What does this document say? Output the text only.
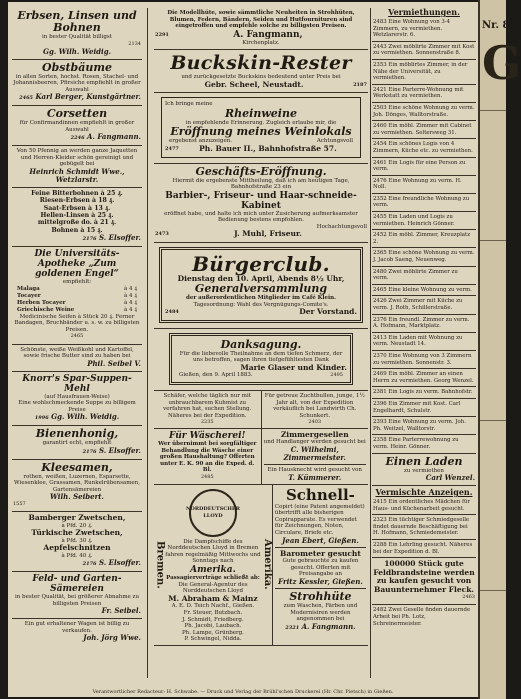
Erbsen, Linsen und Bohnen
in bester Qualität billigst
2134
Gg. Wilh. Weidig.
Obstbäume
in allen Sorten, hochst. Rosen, Stachel- und Johannisbeeren, Pfirsiche empfiehlt in großer Auswahl
2465 Karl Berger, Kunstgärtner.
Corsetten
für Confirmandinnen empfiehlt in großer Auswahl
2246 A. Fangmann.
Von 50 Pfennig an werden ganze Jaquetten und Herren-Kleider schön gereinigt und gebügelt bei
Heinrich Schmidt Wwe., Wetzlarstr.
Feine Bitterbohnen à 25 ₰.
Riesen-Erbsen à 18 ₰.
Saat-Erbsen à 13 ₰.
Hellen-Linsen à 25 ₰.
mittelgroße do. à 21 ₰.
Bohnen à 15 ₰.
2176 S. Elsoffer.
Die Universitäts-Apotheke „Zum goldenen Engel“
empfiehlt:
Malaga	à 4 ₰
Tocayer	à 4 ₰
Herben Tocayer	à 4 ₰
Griechische Weine	à 4 ₰
Medicinische Seifen à Stück 20 ₰. Ferner Bandagen, Bruchbänder u. s. w. zu billigsten Preisen.
2465
Schönste, weiße Weißkohl und Kartoffel, sowie frische Butter sind zu haben bei
Phil. Seibel V.
Knorr's Spar-Suppen-Mehl
(auf Hausfrauen-Weise)
Eine wohlschmeckende Suppe zu billigem Preise
1996 Gg. Wilh. Weidig.
Bienenhonig,
garantirt echt, empfiehlt
2176 S. Elsoffer.
Kleesamen,
rothen, weißen, Luzernen, Esparsette, Wiesenklee, Grassamen, Runkelrübensamen, Gartensämereien
Wilh. Seibert.
1557
Bamberger Zwetschen,
à Pfd. 20 ₰.
Türkische Zwetschen,
à Pfd. 30 ₰.
Aepfelschnitzen
à Pfd. 40 ₰.
2176 S. Elsoffer.
Feld- und Garten-Sämereien
in bester Qualität, bei größerer Abnahme zu billigsten Preisen
Fr. Seibel.
Ein gut erhaltener Wagen ist billig zu verkaufen.
Joh. Jörg Wwe.
Die Modellhüte, sowie sämmtliche Neuheiten in Strohhüten, Blumen, Federn, Bändern, Seiden und Hutfournituren sind eingetroffen und empfehle solche zu billigsten Preisen.
2291	A. Fangmann,
Kirchenplatz.
Buckskin-Rester
und zurückgesetzte Buckskins bedeutend unter Preis bei
Gebr. Scheel, Neustadt.	2187
Ich bringe meine
Rheinweine
in empfehlende Erinnerung. Zugleich erlaube mir, die
Eröffnung meines Weinlokals
ergebenst anzuzeigen.	Achtungsvoll
2477	Ph. Bauer II., Bahnhofstraße 57.
Geschäfts-Eröffnung.
Hiermit die ergebenste Mittheilung, daß ich am heutigen Tage, Bahnhofstraße 23 ein
Barbier-, Friseur- und Haar-schneide-Kabinet
eröffnet habe, und halte ich mich unter Zusicherung aufmerksamster Bedienung bestens empfohlen.
Hochachtungsvoll
2473	J. Muhl, Friseur.
Bürgerclub.
Dienstag den 10. April, Abends 8½ Uhr,
Generalversammlung
der außerordentlichen Mitglieder im Café Klein.
Tagesordnung: Wahl des Vergnügungs-Comite's.
2484	Der Vorstand.
Danksagung.
Für die liebevolle Theilnahme an dem tiefen Schmerz, der uns betroffen, sagen ihren tiefgefühltesten Dank
Marie Glaser und Kinder.
Gießen, den 9. April 1883.	2495
Schäfer, welche täglich nur mit unbrauchbarem Kuhmist zu verfahren hat, suchen Stellung. Näheres bei der Expedition.
2235
Für getreue Zuchtbullen, junge, 1½ Jahr alt, von der Expedition verkäuflich bei Landwirth Ch. Schunkert.
2403
Für Wäscherei!
Wer übernimmt bei sorgfältiger Behandlung die Wäsche einer großen Haushaltung? Offerten unter E. K. 90 an die Exped. d. Bl.
2485
Zimmergesellen
und Handlanger werden gesucht bei
C. Wilhelmi, Zimmermeister.
Ein Hausknecht wird gesucht von
T. Kümmerer.
Bremen.
NORDDEUTSCHER LLOYD
Die Dampfschiffe des Norddeutschen Lloyd in Bremen fahren regelmäßig Mittwochs und Sonntags nach
Amerika.
Passagierverträge schließt ab:
Die General-Agentur des Norddeutschen Lloyd
M. Abraham & Mainz
A. E. D. Teich Nachf., Gießen.
Fr. Steuer, Butzbach.
J. Schmidt, Friedberg.
Ph. Jacobi, Laubach.
Ph. Lampe, Grünberg.
P. Schwingel, Nidda.
Amerika.
Schnell-
Copirt (eine Patent angemeldet) übertrifft alle bisherigen Copirapparate. Es verwendet für Zeichnungen, Noten, Circulare, Briefe etc.
Jean Ebert, Gießen.
Barometer gesucht
Gute gebrauchte zu kaufen gesucht. Offerten mit Preisangabe an
Fritz Kessler, Gießen.
Strohhüte
zum Waschen, Färben und Modernisiren werden angenommen bei
2321 A. Fangmann.
Vermiethungen.
2483 Eine Wohnung von 3-4 Zimmern, zu vermiethen. Wetzlarerstr. 6.
2443 Zwei möblirte Zimmer mit Kost zu vermiethen. Sonnenstraße 8.
2353 Ein möblirtes Zimmer, in der Nähe der Universität, zu vermiethen.
2421 Eine Parterre-Wohnung mit Werkstatt zu vermiethen.
2503 Eine schöne Wohnung zu verm. Joh. Dönges, Walltorstraße.
2460 Ein möbl. Zimmer mit Cabinet zu vermiethen. Seltersweg 31.
2454 Ein schönes Logis von 4 Zimmern, Küche etc. zu vermiethen.
2461 Ein Logis für eine Person zu verm.
2476 Eine Wohnung zu verm. H. Noll.
2352 Eine freundliche Wohnung zu verm.
2455 Ein Laden und Logis zu vermiethen. Heinrich Gönner.
2452 Ein möbl. Zimmer, Kreuzplatz 2.
2365 Eine schöne Wohnung zu verm. J. Jacob Saeng, Neuenweg.
2480 Zwei möblirte Zimmer zu verm.
2465 Eine kleine Wohnung zu verm.
2426 Zwei Zimmer mit Küche zu verm. J. Roth, Schillerstraße.
2376 Ein freundl. Zimmer zu verm. A. Hofmann, Marktplatz.
2413 Ein Laden mit Wohnung zu verm. Neustadt 14.
2370 Eine Wohnung von 3 Zimmern zu vermiethen. Sonnenstr. 3.
2469 Ein möbl. Zimmer an einen Herrn zu vermiethen. Georg Wenzel.
2381 Ein Logis zu verm. Bahnhofstr.
2396 Ein Zimmer mit Kost. Carl Engelhardt, Schulstr.
2393 Eine Wohnung zu verm. Joh. Ph. Weitzel, Walltorstr.
2358 Eine Parterrewohnung zu verm. Heinr. Gönner.
Einen Laden
zu vermiethen
Carl Wenzel.
Vermischte Anzeigen.
2415 Ein ordentliches Mädchen für Haus- und Küchenarbeit gesucht.
2323 Ein tüchtiger Schmiedgeselle findet dauernde Beschäftigung bei H. Hofmann, Schmiedemeister.
2288 Ein Lehrling gesucht. Näheres bei der Expedition d. Bl.
100000 Stück gute Feldbrandsteine werden zu kaufen gesucht von Bauunternehmer Fleck.
2463
2482 Zwei Geselle finden dauernde Arbeit bei Ph. Lotz, Schreinermeister.
Verantwortlicher Redacteur: H. Schwabe. — Druck und Verlag der Brühl'schen Druckerei (Hr. Chr. Pietsch) in Gießen.
Nr. 82
G
